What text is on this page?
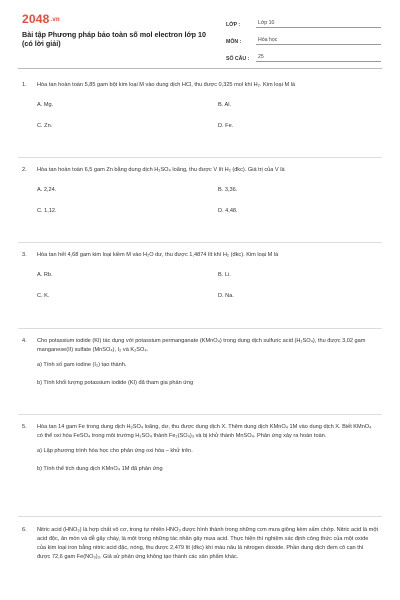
2048.vn
Bài tập Phương pháp bảo toàn số mol electron lớp 10 (có lời giải)
LỚP :	Lớp 10
MÔN :	Hóa học
SỐ CÂU :	25
1. Hòa tan hoàn toàn 5,85 gam bột kim loại M vào dung dịch HCl, thu được 0,325 mol khí H₂. Kim loại M là
A. Mg.	B. Al.
C. Zn.	D. Fe.
2. Hòa tan hoàn toàn 6,5 gam Zn bằng dung dịch H₂SO₄ loãng, thu được V lít H₂ (đkc). Giá trị của V là
A. 2,24.	B. 3,36.
C. 1,12.	D. 4,48.
3. Hòa tan hết 4,68 gam kim loại kiềm M vào H₂O dư, thu được 1,4874 lít khí H₂ (đkc). Kim loại M là
A. Rb.	B. Li.
C. K.	D. Na.
4. Cho potassium iodide (KI) tác dụng với potassium permanganate (KMnO₄) trong dung dịch sulfuric acid (H₂SO₄), thu được 3,02 gam manganese(II) sulfate (MnSO₄), I₂ và K₂SO₄.
a) Tính số gam iodine (I₂) tạo thành.
b) Tính khối lượng potassium iodide (KI) đã tham gia phản ứng
5. Hòa tan 14 gam Fe trong dung dịch H₂SO₄ loãng, dư, thu được dung dịch X. Thêm dung dịch KMnO₄ 1M vào dung dịch X. Biết KMnO₄ có thể oxi hóa FeSO₄ trong môi trường H₂SO₄ thành Fe₂(SO₄)₃ và bị khử thành MnSO₄. Phản ứng xảy ra hoàn toàn.
a) Lập phương trình hóa học cho phản ứng oxi hóa – khử trên.
b) Tính thể tích dung dịch KMnO₄ 1M đã phản ứng
6. Nitric acid (HNO₃) là hợp chất vô cơ, trong tự nhiên HNO₃ được hình thành trong những cơn mưa giông kèm sấm chớp. Nitric acid là một acid độc, ăn mòn và dễ gây cháy, là một trong những tác nhân gây mưa acid. Thực hiện thí nghiệm xác định công thức của một oxide của kim loại iron bằng nitric acid đặc, nóng, thu được 2,479 lít (đkc) khí màu nâu là nitrogen dioxide. Phần dung dịch đem cô cạn thì được 72,6 gam Fe(NO₃)₃. Giả sử phản ứng không tạo thành các sản phẩm khác.
